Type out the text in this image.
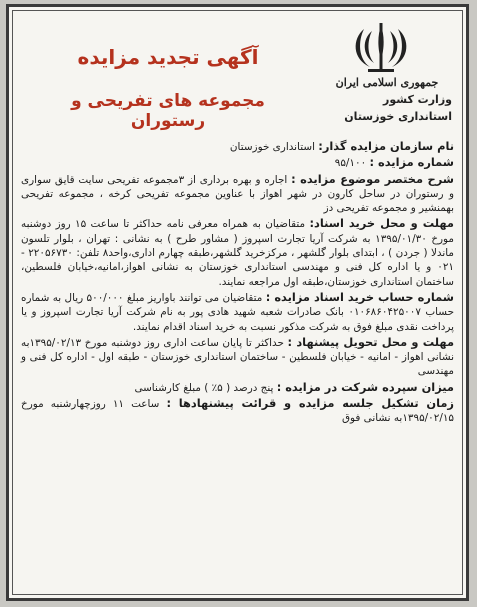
جمهوری اسلامی ایران
وزارت کشور
استانداری خوزستان
آگهی تجدید مزایده
مجموعه های تفریحی و رستوران

نام سازمان مزایده گذار: استانداری خوزستان

شماره مزایده : ۹۵/۱۰۰

شرح مختصر موضوع مزایده : اجاره و بهره برداری از ۳مجموعه تفریحی سایت قایق سواری و رستوران در ساحل کارون در شهر اهواز با عناوین مجموعه تفریحی کرخه ، مجموعه تفریحی بهمنشیر و مجموعه تفریحی دز

مهلت و محل خرید اسناد: متقاضیان به همراه معرفی نامه حداکثر تا ساعت ۱۵ روز دوشنبه مورخ ۱۳۹۵/۰۱/۳۰ به شرکت آریا تجارت اسپروز ( مشاور طرح ) به نشانی : تهران ، بلوار تلسون ماندلا ( جردن ) ، ابتدای بلوار گلشهر ، مرکزخرید گلشهر،طبقه چهارم اداری،واحد۸ تلفن: ۲۲۰۵۶۷۳۰ - ۰۲۱ و یا اداره کل فنی و مهندسی استانداری خوزستان به نشانی اهواز،امانیه،خیابان فلسطین، ساختمان استانداری خوزستان،طبقه اول مراجعه نمایند.

شماره حساب خرید اسناد مزایده : متقاضیان می توانند باواریز مبلغ ۵۰۰/۰۰۰ ریال به شماره حساب ۰۱۰۶۸۶۰۴۲۵۰۰۷ بانک صادرات شعبه شهید هادی پور به نام شرکت آریا تجارت اسپروز و یا پرداخت نقدی مبلغ فوق به شرکت مذکور نسبت به خرید اسناد اقدام نمایند.

مهلت و محل تحویل پیشنهاد : حداکثر تا پایان ساعت اداری روز دوشنبه مورخ ۱۳۹۵/۰۲/۱۳به نشانی اهواز - امانیه - خیابان فلسطین - ساختمان استانداری خوزستان - طبقه اول - اداره کل فنی و مهندسی

میزان سپرده شرکت در مزایده : پنج درصد ( ۵٪ ) مبلغ کارشناسی

زمان تشکیل جلسه مزایده و قرائت پیشنهادها : ساعت ۱۱ روزچهارشنبه مورخ ۱۳۹۵/۰۲/۱۵به نشانی فوق
